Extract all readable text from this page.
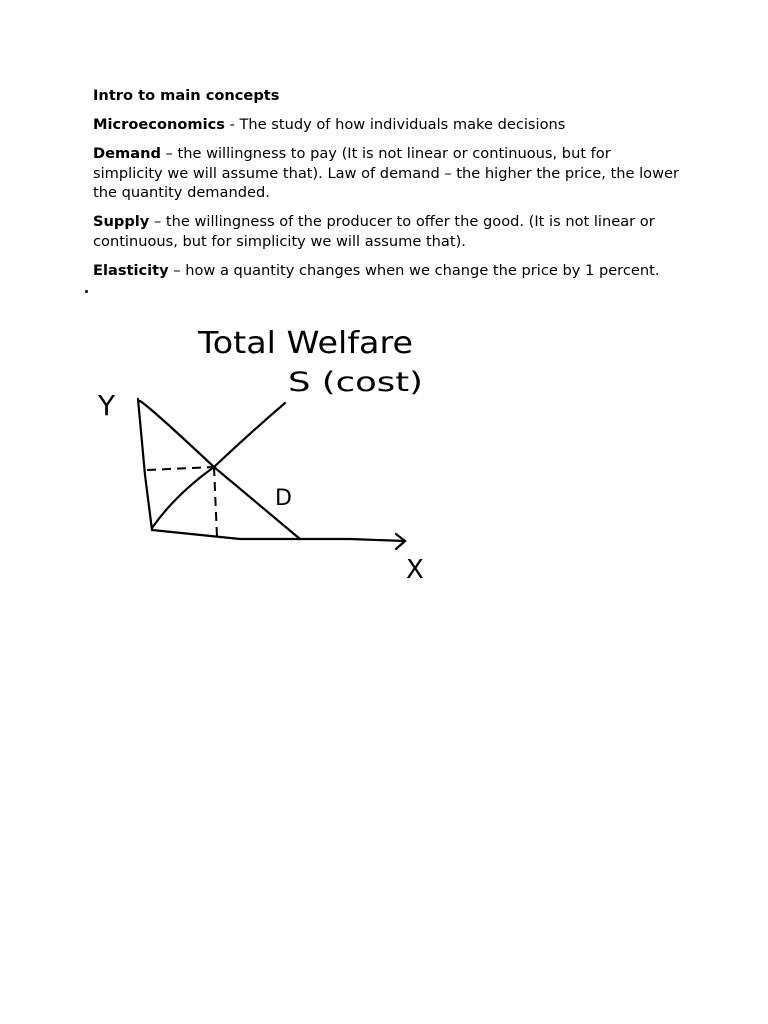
Intro to main concepts

Microeconomics - The study of how individuals make decisions

Demand – the willingness to pay (It is not linear or continuous, but for simplicity we will assume that). Law of demand – the higher the price, the lower the quantity demanded.

Supply – the willingness of the producer to offer the good. (It is not linear or continuous, but for simplicity we will assume that).

Elasticity – how a quantity changes when we change the price by 1 percent.

Total Welfare
S (cost)
Y
D
X
